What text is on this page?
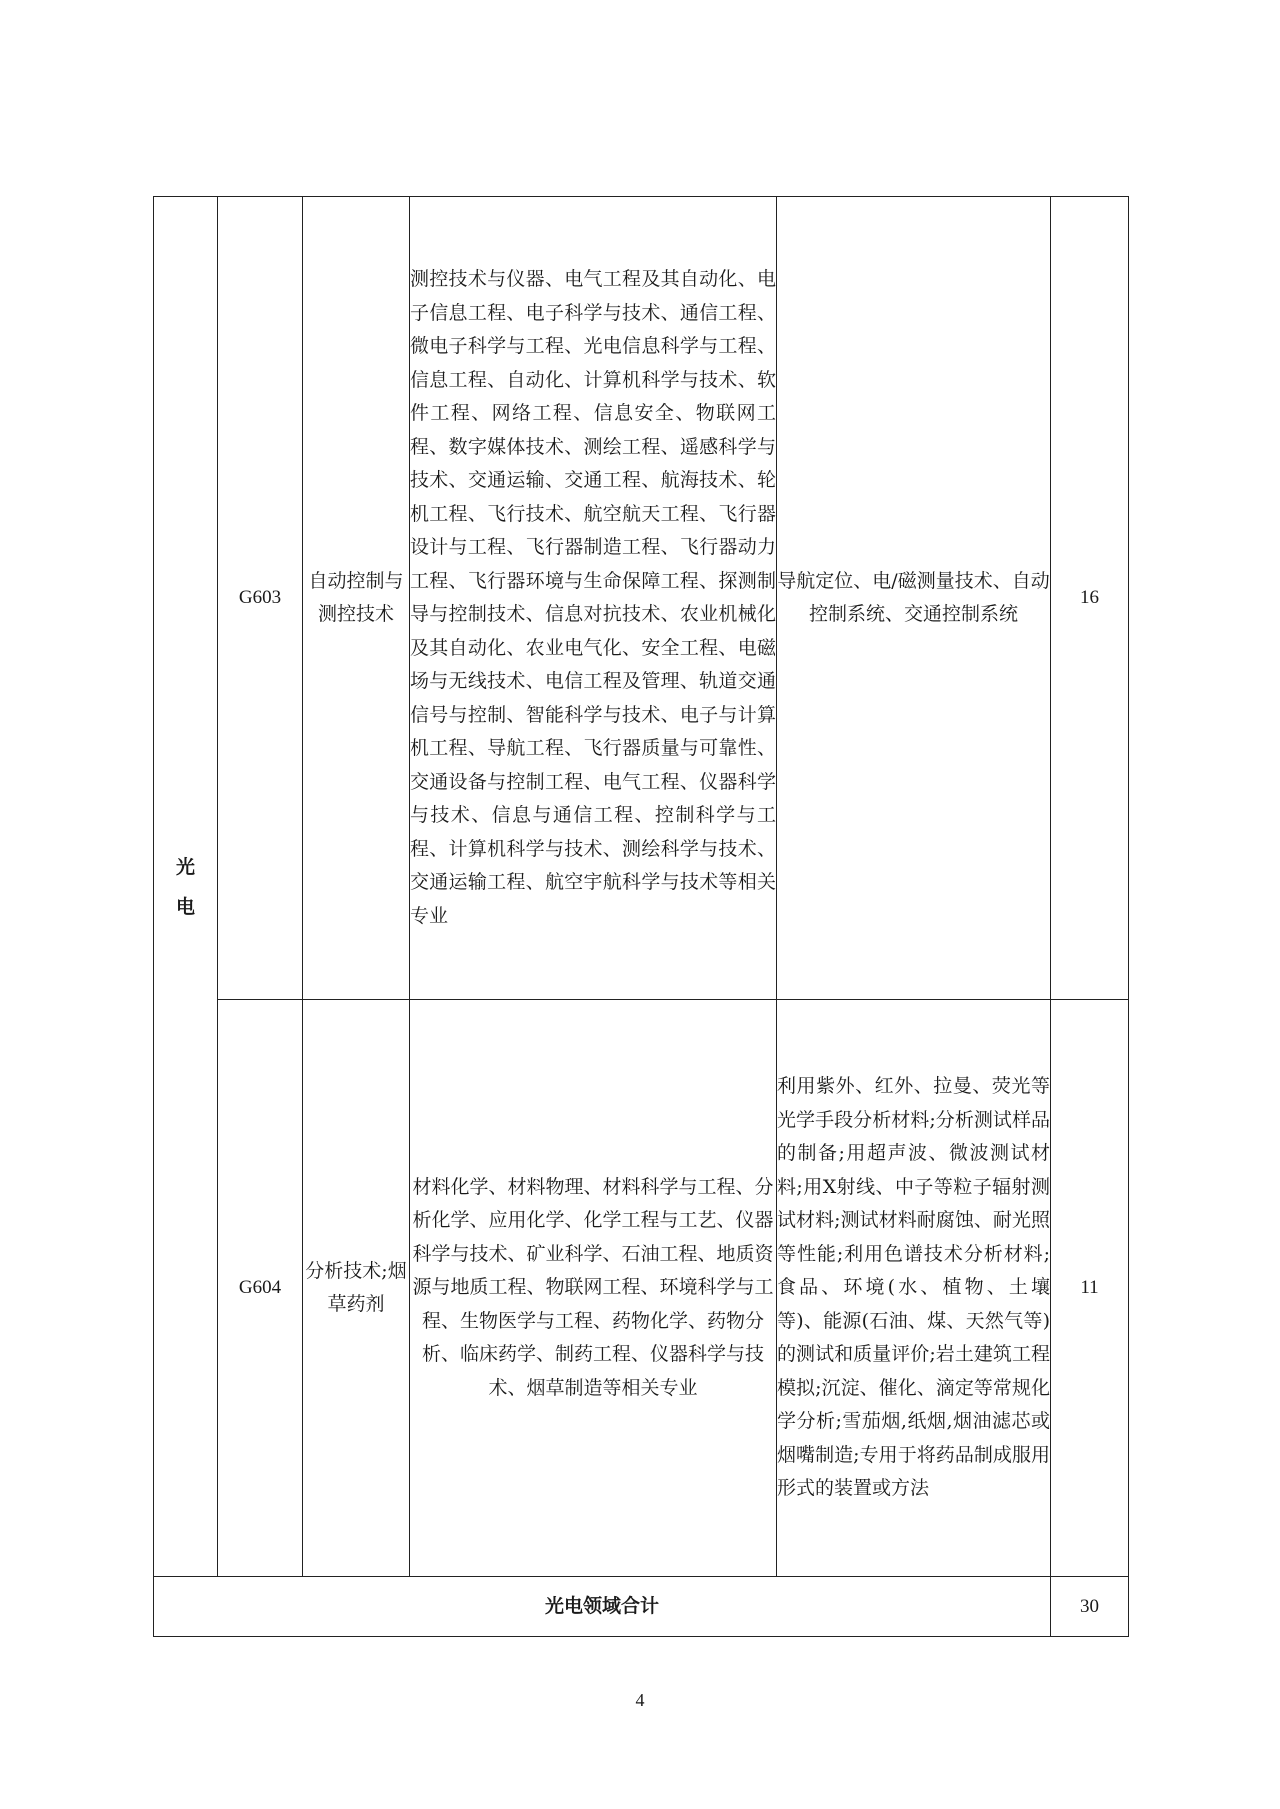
光
电	G603	自动控制与测控技术	测控技术与仪器、电气工程及其自动化、电子信息工程、电子科学与技术、通信工程、微电子科学与工程、光电信息科学与工程、信息工程、自动化、计算机科学与技术、软件工程、网络工程、信息安全、物联网工程、数字媒体技术、测绘工程、遥感科学与技术、交通运输、交通工程、航海技术、轮机工程、飞行技术、航空航天工程、飞行器设计与工程、飞行器制造工程、飞行器动力工程、飞行器环境与生命保障工程、探测制导与控制技术、信息对抗技术、农业机械化及其自动化、农业电气化、安全工程、电磁场与无线技术、电信工程及管理、轨道交通信号与控制、智能科学与技术、电子与计算机工程、导航工程、飞行器质量与可靠性、交通设备与控制工程、电气工程、仪器科学与技术、信息与通信工程、控制科学与工程、计算机科学与技术、测绘科学与技术、交通运输工程、航空宇航科学与技术等相关专业	导航定位、电/磁测量技术、自动控制系统、交通控制系统	16
	G604	分析技术;烟草药剂	材料化学、材料物理、材料科学与工程、分析化学、应用化学、化学工程与工艺、仪器科学与技术、矿业科学、石油工程、地质资源与地质工程、物联网工程、环境科学与工程、生物医学与工程、药物化学、药物分析、临床药学、制药工程、仪器科学与技术、烟草制造等相关专业	利用紫外、红外、拉曼、荧光等光学手段分析材料;分析测试样品的制备;用超声波、微波测试材料;用X射线、中子等粒子辐射测试材料;测试材料耐腐蚀、耐光照等性能;利用色谱技术分析材料;食品、环境(水、植物、土壤等)、能源(石油、煤、天然气等)的测试和质量评价;岩土建筑工程模拟;沉淀、催化、滴定等常规化学分析;雪茄烟,纸烟,烟油滤芯或烟嘴制造;专用于将药品制成服用形式的装置或方法	11
光电领域合计					30
4
